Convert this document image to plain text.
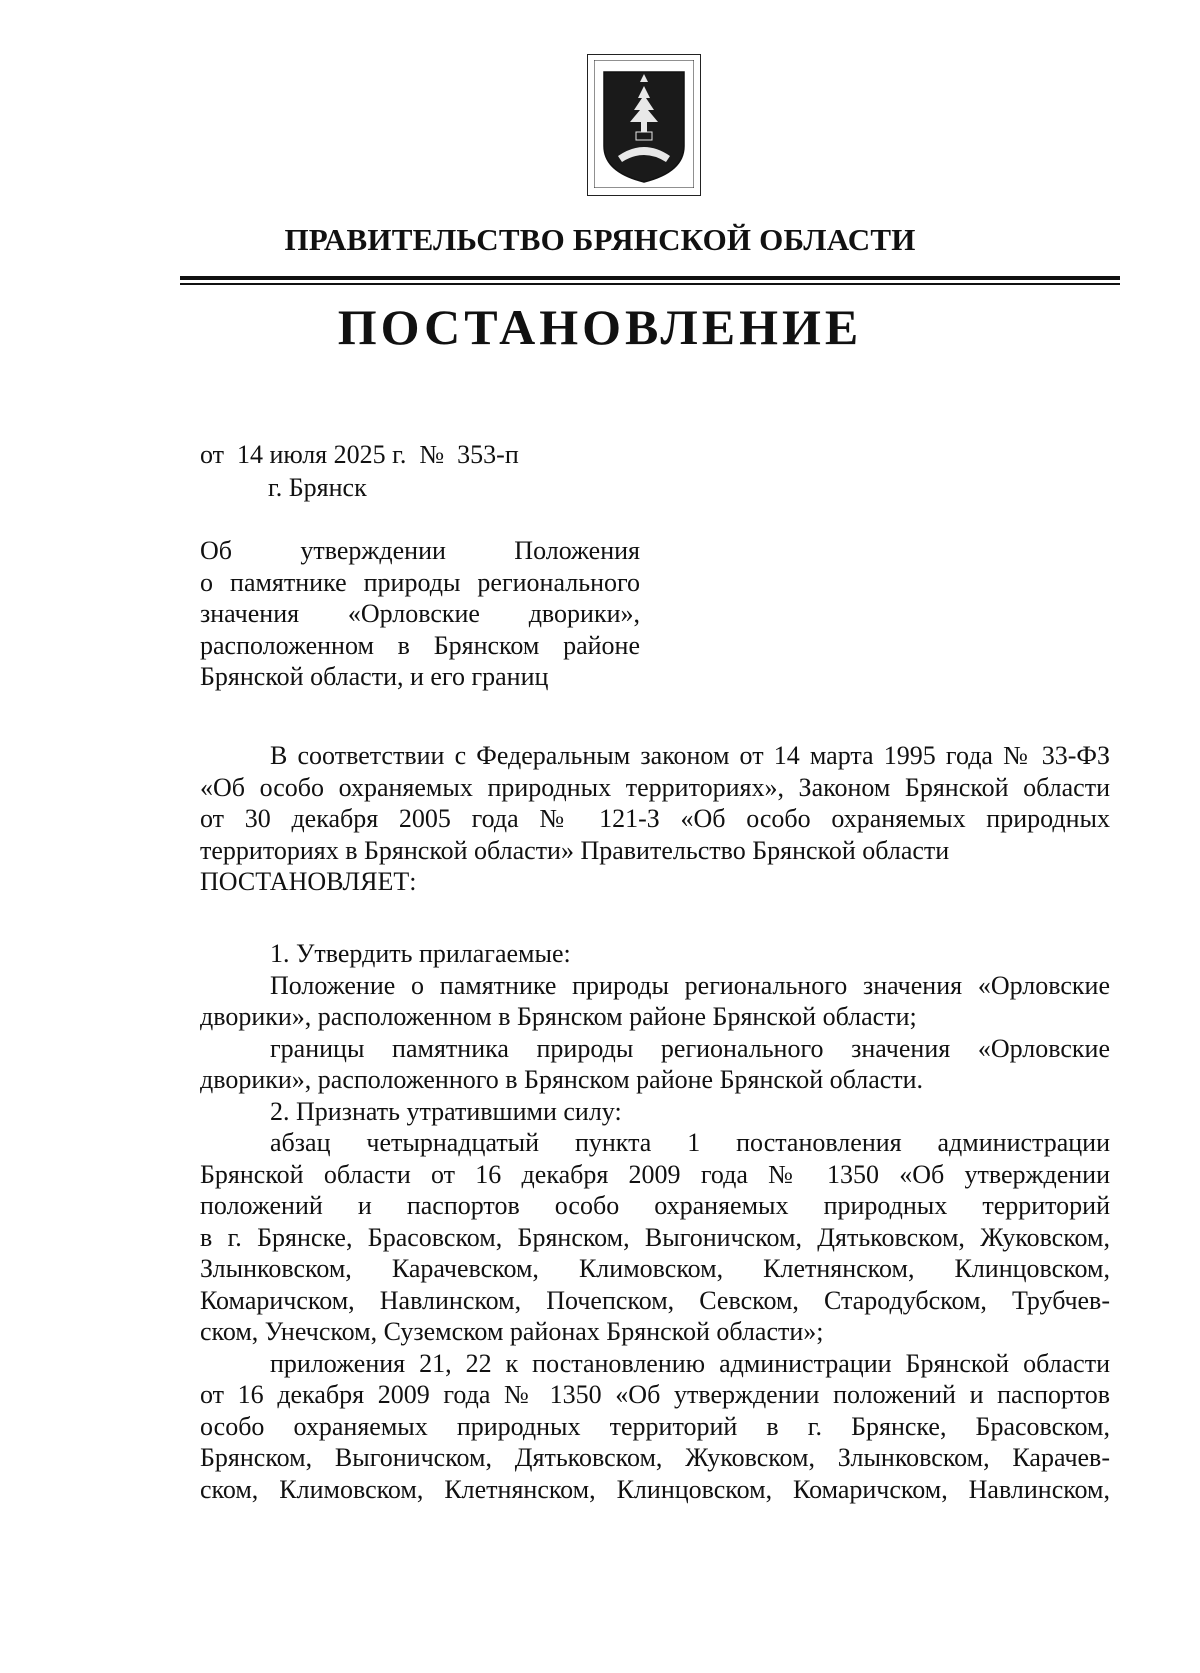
ПРАВИТЕЛЬСТВО БРЯНСКОЙ ОБЛАСТИ
ПОСТАНОВЛЕНИЕ
от  14 июля 2025 г.  №  353-п
г. Брянск
Об утверждении Положения
о памятнике природы регионального
значения «Орловские дворики»,
расположенном в Брянском районе
Брянской области, и его границ
В соответствии с Федеральным законом от 14 марта 1995 года № 33-ФЗ
«Об особо охраняемых природных территориях», Законом Брянской области
от 30 декабря 2005 года № 121-З «Об особо охраняемых природных
территориях в Брянской области» Правительство Брянской области
ПОСТАНОВЛЯЕТ:
1. Утвердить прилагаемые:
Положение о памятнике природы регионального значения «Орловские
дворики», расположенном в Брянском районе Брянской области;
границы памятника природы регионального значения «Орловские
дворики», расположенного в Брянском районе Брянской области.
2. Признать утратившими силу:
абзац четырнадцатый пункта 1 постановления администрации
Брянской области от 16 декабря 2009 года № 1350 «Об утверждении
положений и паспортов особо охраняемых природных территорий
в г. Брянске, Брасовском, Брянском, Выгоничском, Дятьковском, Жуковском,
Злынковском, Карачевском, Климовском, Клетнянском, Клинцовском,
Комаричском, Навлинском, Почепском, Севском, Стародубском, Трубчев-
ском, Унечском, Суземском районах Брянской области»;
приложения 21, 22 к постановлению администрации Брянской области
от 16 декабря 2009 года № 1350 «Об утверждении положений и паспортов
особо охраняемых природных территорий в г. Брянске, Брасовском,
Брянском, Выгоничском, Дятьковском, Жуковском, Злынковском, Карачев-
ском, Климовском, Клетнянском, Клинцовском, Комаричском, Навлинском,
